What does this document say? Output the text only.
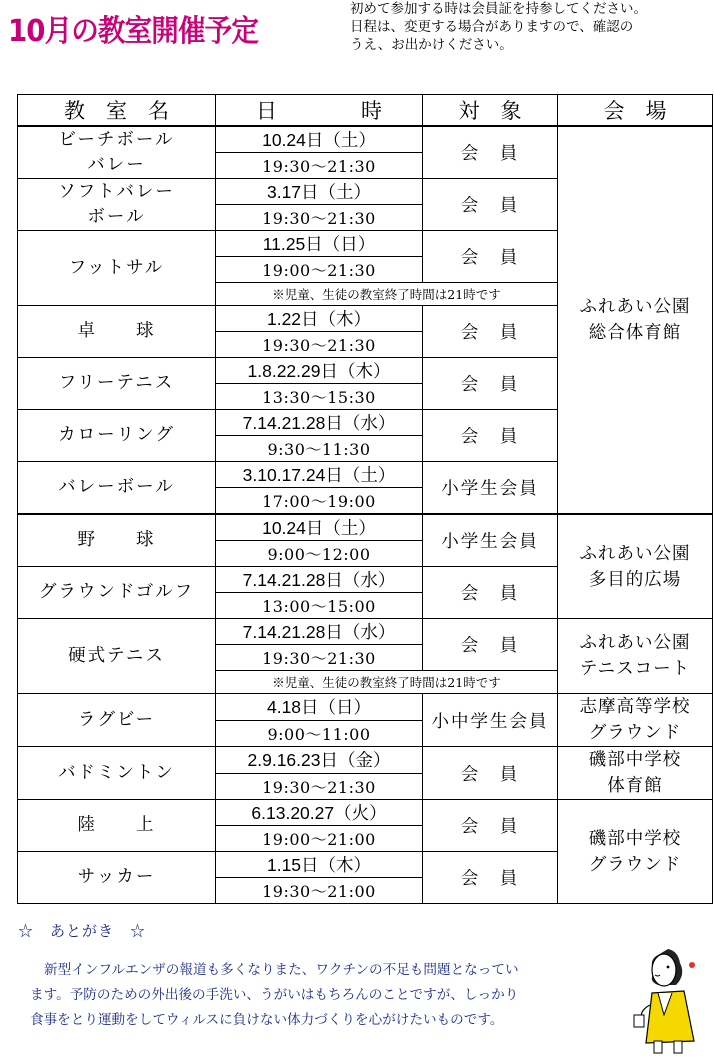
10月の教室開催予定
初めて参加する時は会員証を持参してください。
日程は、変更する場合がありますので、確認の
うえ、お出かけください。
教　室　名	日　　　　時	対　象	会　場
ビーチボール
バレー	10.24日（土）	会　員	ふれあい公園
総合体育館
	19:30～21:30		
ソフトバレー
ボール	3.17日（土）	会　員	
	19:30～21:30		
フットサル	11.25日（日）	会　員	
	19:00～21:30		
	※児童、生徒の教室終了時間は21時です		
卓　　球	1.22日（木）	会　員	
	19:30～21:30		
フリーテニス	1.8.22.29日（木）	会　員	
	13:30～15:30		
カローリング	7.14.21.28日（水）	会　員	
	9:30～11:30		
バレーボール	3.10.17.24日（土）	小学生会員	
	17:00～19:00		
野　　球	10.24日（土）	小学生会員	ふれあい公園
多目的広場
	9:00～12:00		
グラウンドゴルフ	7.14.21.28日（水）	会　員	
	13:00～15:00		
硬式テニス	7.14.21.28日（水）	会　員	ふれあい公園
テニスコート
	19:30～21:30		
	※児童、生徒の教室終了時間は21時です		
ラグビー	4.18日（日）	小中学生会員	志摩高等学校
グラウンド
	9:00～11:00		
バドミントン	2.9.16.23日（金）	会　員	磯部中学校
体育館
	19:30～21:30		
陸　　上	6.13.20.27（火）	会　員	磯部中学校
グラウンド
	19:00～21:00		
サッカー	1.15日（木）	会　員	
	19:30～21:00		
☆　あとがき　☆
新型インフルエンザの報道も多くなりまた、ワクチンの不足も問題となってい
ます。予防のための外出後の手洗い、うがいはもちろんのことですが、しっかり
食事をとり運動をしてウィルスに負けない体力づくりを心がけたいものです。
